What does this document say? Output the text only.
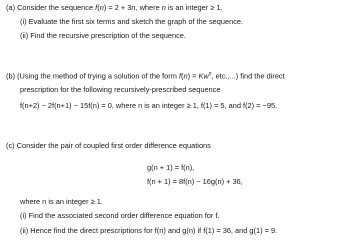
(a) Consider the sequence f(n) = 2 + 3n, where n is an integer ≥ 1.
(i) Evaluate the first six terms and sketch the graph of the sequence.
(ii) Find the recursive prescription of the sequence.
(b) (Using the method of trying a solution of the form $f(n) = Kw^n$, etc.,...) find the direct
prescription for the following recursively-prescribed sequence
f(n+2) − 2f(n+1) − 15f(n) = 0, where n is an integer ≥ 1, f(1) = 5, and f(2) = −95.
(c) Consider the pair of coupled first order difference equations
g(n + 1) = f(n),
f(n + 1) = 8f(n) − 16g(n) + 36,
where n is an integer ≥ 1.
(i) Find the associated second order difference equation for f.
(ii) Hence find the direct prescriptions for f(n) and g(n) if f(1) = 36, and g(1) = 9.
